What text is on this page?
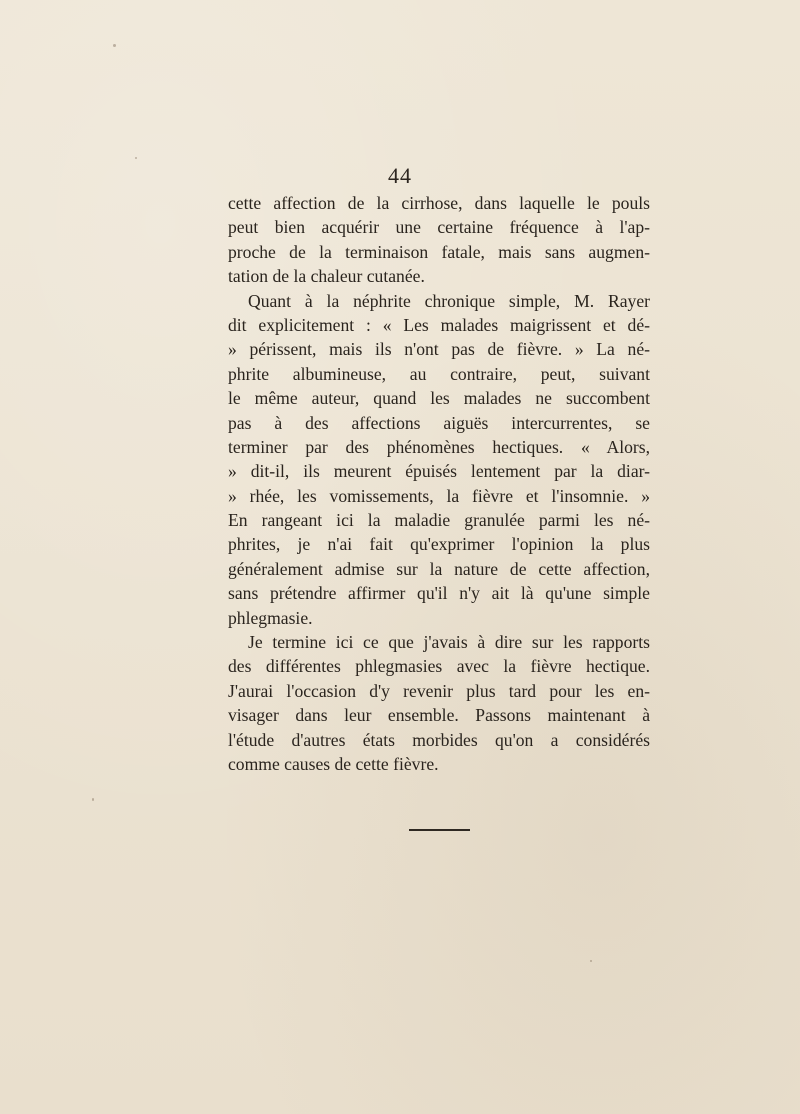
44
cette affection de la cirrhose, dans laquelle le pouls
peut bien acquérir une certaine fréquence à l'ap-
proche de la terminaison fatale, mais sans augmen-
tation de la chaleur cutanée.
Quant à la néphrite chronique simple, M. Rayer
dit explicitement : « Les malades maigrissent et dé-
» périssent, mais ils n'ont pas de fièvre. » La né-
phrite albumineuse, au contraire, peut, suivant
le même auteur, quand les malades ne succombent
pas à des affections aiguës intercurrentes, se
terminer par des phénomènes hectiques. « Alors,
» dit-il, ils meurent épuisés lentement par la diar-
» rhée, les vomissements, la fièvre et l'insomnie. »
En rangeant ici la maladie granulée parmi les né-
phrites, je n'ai fait qu'exprimer l'opinion la plus
généralement admise sur la nature de cette affection,
sans prétendre affirmer qu'il n'y ait là qu'une simple
phlegmasie.
Je termine ici ce que j'avais à dire sur les rapports
des différentes phlegmasies avec la fièvre hectique.
J'aurai l'occasion d'y revenir plus tard pour les en-
visager dans leur ensemble. Passons maintenant à
l'étude d'autres états morbides qu'on a considérés
comme causes de cette fièvre.
